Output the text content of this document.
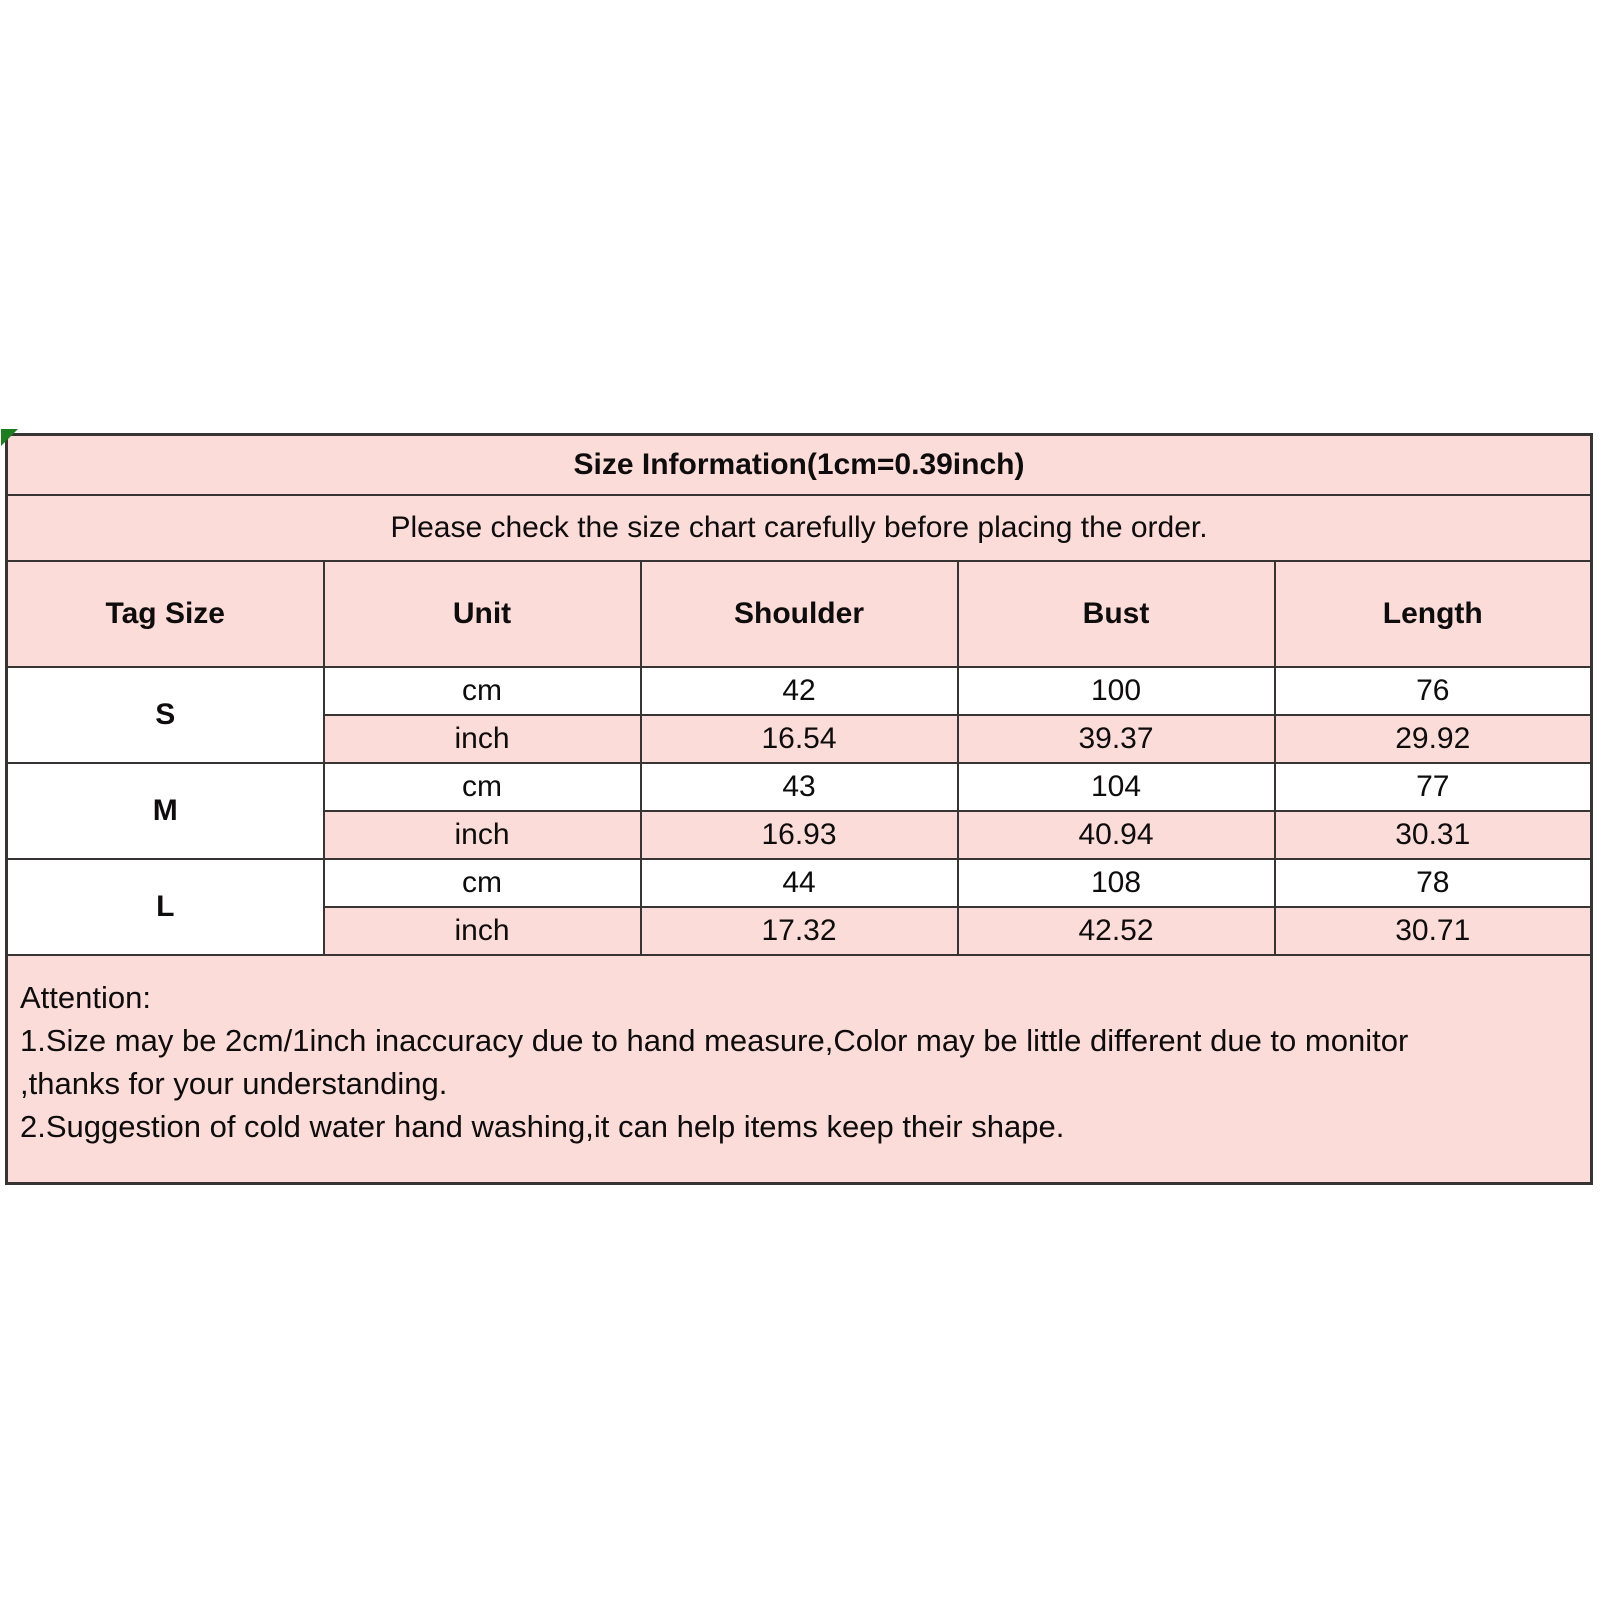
Size Information(1cm=0.39inch)				
Please check the size chart carefully before placing the order.				
Tag Size	Unit	Shoulder	Bust	Length
S	cm	42	100	76
	inch	16.54	39.37	29.92
M	cm	43	104	77
	inch	16.93	40.94	30.31
L	cm	44	108	78
	inch	17.32	42.52	30.71

Attention:
1.Size may be 2cm/1inch inaccuracy due to hand measure,Color may be little different due to monitor
,thanks for your understanding.
2.Suggestion of cold water hand washing,it can help items keep their shape.				
